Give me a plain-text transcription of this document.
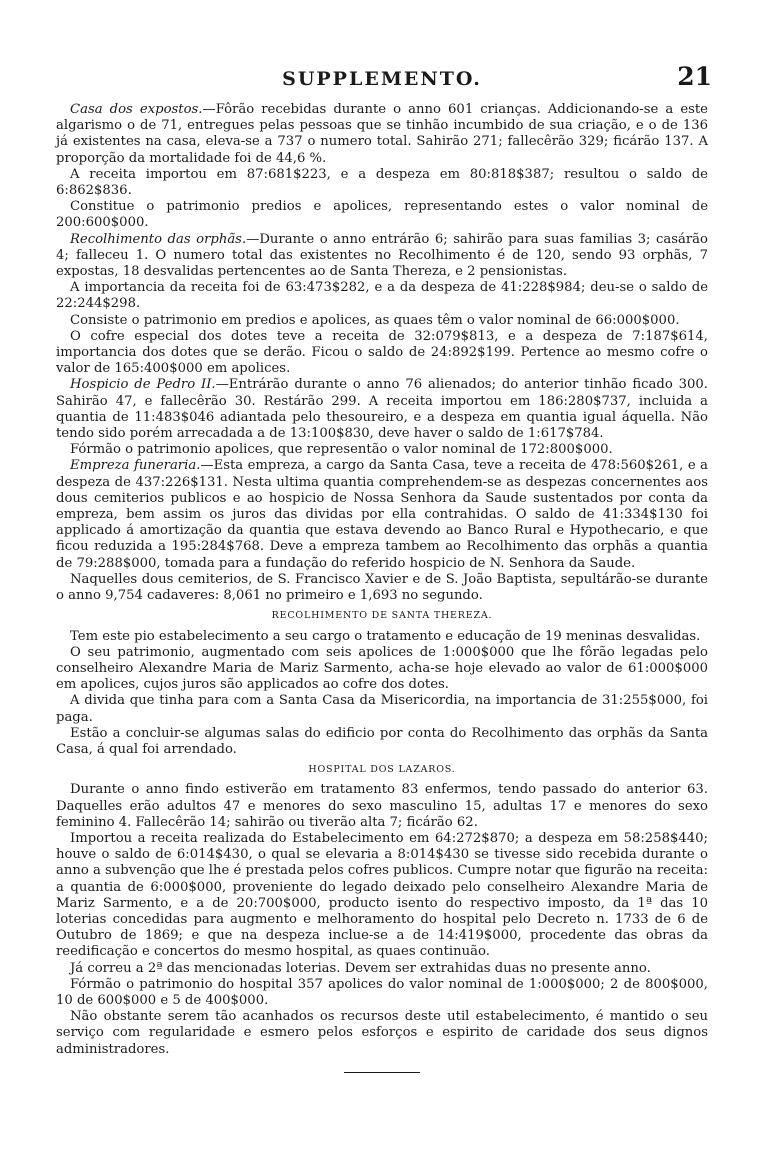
SUPPLEMENTO.	21

Casa dos expostos.—Fôrão recebidas durante o anno 601 crianças. Addicionando-se a este algarismo o de 71, entregues pelas pessoas que se tinhão incumbido de sua criação, e o de 136 já existentes na casa, eleva-se a 737 o numero total. Sahirão 271; fallecêrão 329; ficárão 137. A proporção da mortalidade foi de 44,6 %.

A receita importou em 87:681$223, e a despeza em 80:818$387; resultou o saldo de 6:862$836.

Constitue o patrimonio predios e apolices, representando estes o valor nominal de 200:600$000.

Recolhimento das orphãs.—Durante o anno entrárão 6; sahirão para suas familias 3; casárão 4; falleceu 1. O numero total das existentes no Recolhimento é de 120, sendo 93 orphãs, 7 expostas, 18 desvalidas pertencentes ao de Santa Thereza, e 2 pensionistas.

A importancia da receita foi de 63:473$282, e a da despeza de 41:228$984; deu-se o saldo de 22:244$298.

Consiste o patrimonio em predios e apolices, as quaes têm o valor nominal de 66:000$000.

O cofre especial dos dotes teve a receita de 32:079$813, e a despeza de 7:187$614, importancia dos dotes que se derão. Ficou o saldo de 24:892$199. Pertence ao mesmo cofre o valor de 165:400$000 em apolices.

Hospicio de Pedro II.—Entrárão durante o anno 76 alienados; do anterior tinhão ficado 300. Sahirão 47, e fallecêrão 30. Restárão 299. A receita importou em 186:280$737, incluida a quantia de 11:483$046 adiantada pelo thesoureiro, e a despeza em quantia igual áquella. Não tendo sido porém arrecadada a de 13:100$830, deve haver o saldo de 1:617$784.

Fórmão o patrimonio apolices, que representão o valor nominal de 172:800$000.

Empreza funeraria.—Esta empreza, a cargo da Santa Casa, teve a receita de 478:560$261, e a despeza de 437:226$131. Nesta ultima quantia comprehendem-se as despezas concernentes aos dous cemiterios publicos e ao hospicio de Nossa Senhora da Saude sustentados por conta da empreza, bem assim os juros das dividas por ella contrahidas. O saldo de 41:334$130 foi applicado á amortização da quantia que estava devendo ao Banco Rural e Hypothecario, e que ficou reduzida a 195:284$768. Deve a empreza tambem ao Recolhimento das orphãs a quantia de 79:288$000, tomada para a fundação do referido hospicio de N. Senhora da Saude.

Naquelles dous cemiterios, de S. Francisco Xavier e de S. João Baptista, sepultárão-se durante o anno 9,754 cadaveres: 8,061 no primeiro e 1,693 no segundo.

RECOLHIMENTO DE SANTA THEREZA.

Tem este pio estabelecimento a seu cargo o tratamento e educação de 19 meninas desvalidas.

O seu patrimonio, augmentado com seis apolices de 1:000$000 que lhe fôrão legadas pelo conselheiro Alexandre Maria de Mariz Sarmento, acha-se hoje elevado ao valor de 61:000$000 em apolices, cujos juros são applicados ao cofre dos dotes.

A divida que tinha para com a Santa Casa da Misericordia, na importancia de 31:255$000, foi paga.

Estão a concluir-se algumas salas do edificio por conta do Recolhimento das orphãs da Santa Casa, á qual foi arrendado.

HOSPITAL DOS LAZAROS.

Durante o anno findo estiverão em tratamento 83 enfermos, tendo passado do anterior 63. Daquelles erão adultos 47 e menores do sexo masculino 15, adultas 17 e menores do sexo feminino 4. Fallecêrão 14; sahirão ou tiverão alta 7; ficárão 62.

Importou a receita realizada do Estabelecimento em 64:272$870; a despeza em 58:258$440; houve o saldo de 6:014$430, o qual se elevaria a 8:014$430 se tivesse sido recebida durante o anno a subvenção que lhe é prestada pelos cofres publicos. Cumpre notar que figurão na receita: a quantia de 6:000$000, proveniente do legado deixado pelo conselheiro Alexandre Maria de Mariz Sarmento, e a de 20:700$000, producto isento do respectivo imposto, da 1ª das 10 loterias concedidas para augmento e melhoramento do hospital pelo Decreto n. 1733 de 6 de Outubro de 1869; e que na despeza inclue-se a de 14:419$000, procedente das obras da reedificação e concertos do mesmo hospital, as quaes continuão.

Já correu a 2ª das mencionadas loterias. Devem ser extrahidas duas no presente anno.

Fórmão o patrimonio do hospital 357 apolices do valor nominal de 1:000$000; 2 de 800$000, 10 de 600$000 e 5 de 400$000.

Não obstante serem tão acanhados os recursos deste util estabelecimento, é mantido o seu serviço com regularidade e esmero pelos esforços e espirito de caridade dos seus dignos administradores.
